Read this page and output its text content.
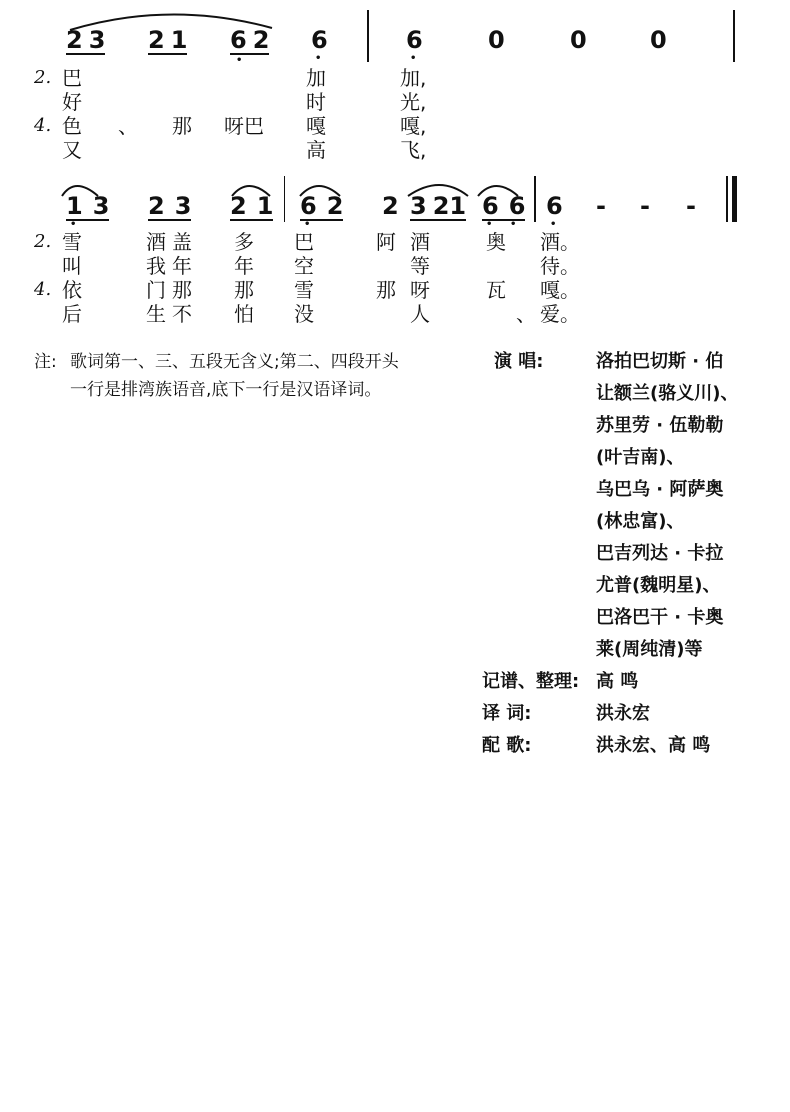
2 3 2 1 6 2
•
6
•
6
•
0	0	0
2. 巴	加	加,
好	时	光,
4. 色 、 那 呀巴 嘎	嘎,
又	高	飞,
1 3
•
2 3 2 1 6 2
•
2 3 21 6 6
• •
6
•
- - -
2. 雪	酒 盖 多 巴	阿 酒	奥 酒。
叫	我 年 年 空	等	待。
4. 依	门 那 那 雪	那 呀	瓦 嘎。
后	生 不 怕 没	人	、 爱。
注: 歌词第一、三、五段无含义;第二、四段开头
一行是排湾族语音,底下一行是汉语译词。
演 唱:	洛拍巴切斯 · 伯
让额兰(骆义川)、
苏里劳 · 伍勒勒
(叶吉南)、
乌巴乌 · 阿萨奥
(林忠富)、
巴吉列达 · 卡拉
尤普(魏明星)、
巴洛巴干 · 卡奥
莱(周纯清)等
记谱、整理: 高 鸣
译 词:	洪永宏
配 歌:	洪永宏、高 鸣
